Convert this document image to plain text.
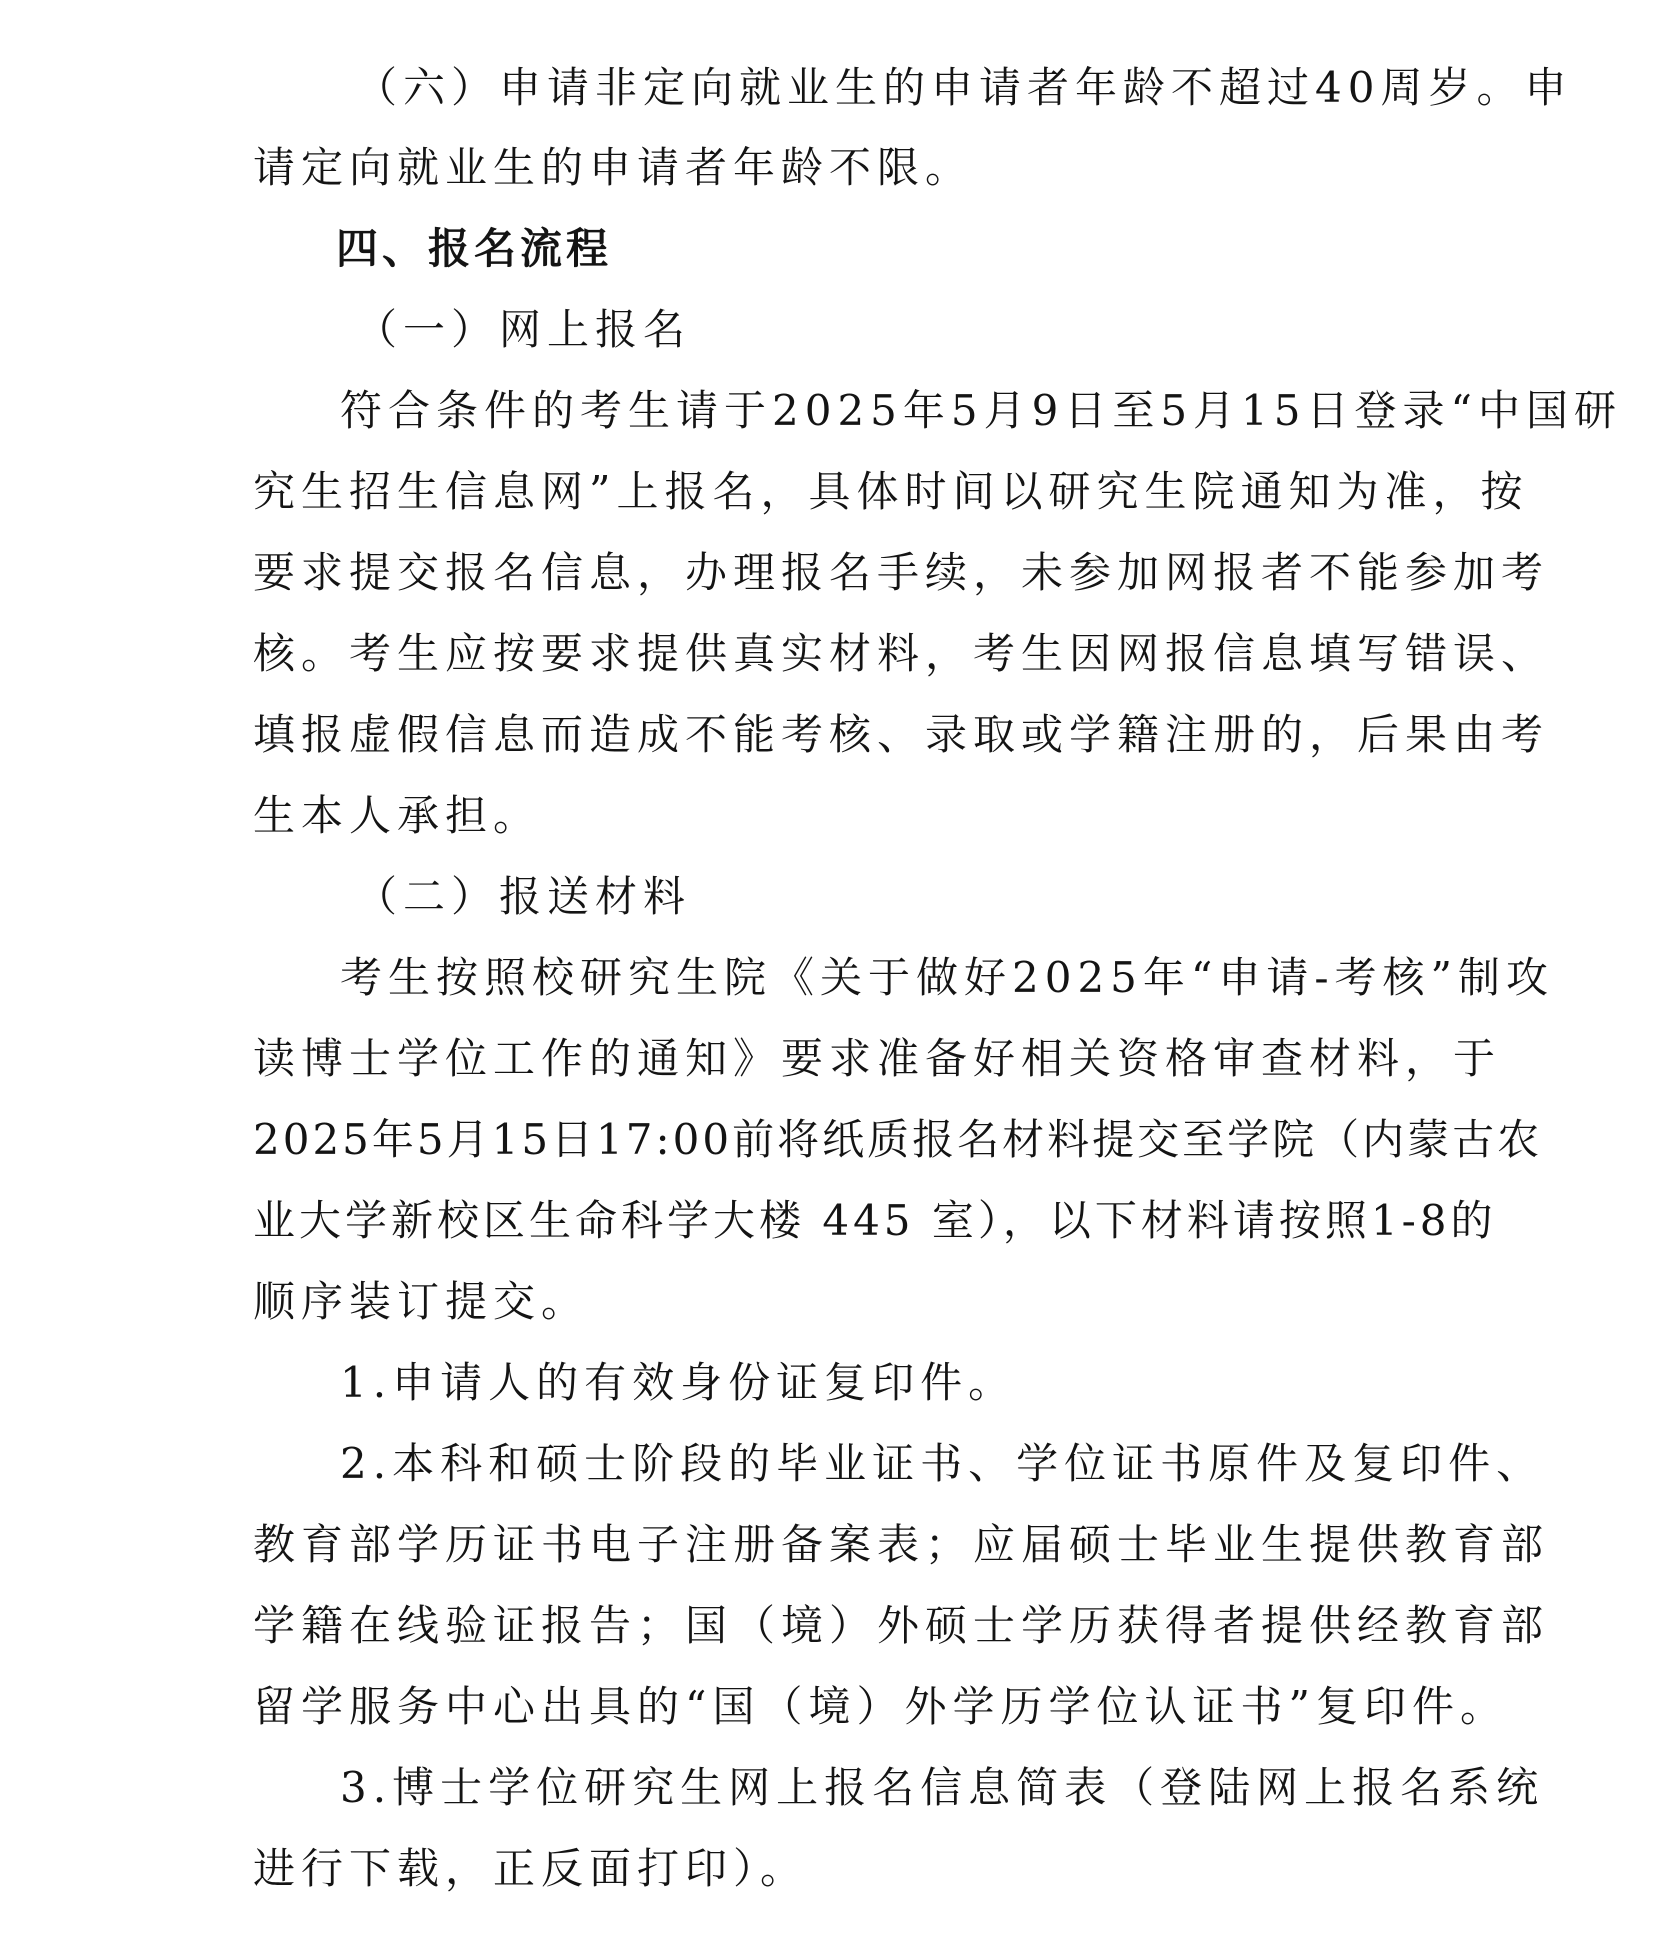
（六）申请非定向就业生的申请者年龄不超过40周岁。申
请定向就业生的申请者年龄不限。
四、报名流程
（一）网上报名
符合条件的考生请于2025年5月9日至5月15日登录“中国研
究生招生信息网”上报名，具体时间以研究生院通知为准，按
要求提交报名信息，办理报名手续，未参加网报者不能参加考
核。考生应按要求提供真实材料，考生因网报信息填写错误、
填报虚假信息而造成不能考核、录取或学籍注册的，后果由考
生本人承担。
（二）报送材料
考生按照校研究生院《关于做好2025年“申请-考核”制攻
读博士学位工作的通知》要求准备好相关资格审查材料，于
2025年5月15日17:00前将纸质报名材料提交至学院（内蒙古农
业大学新校区生命科学大楼 445 室），以下材料请按照1-8的
顺序装订提交。
1.申请人的有效身份证复印件。
2.本科和硕士阶段的毕业证书、学位证书原件及复印件、
教育部学历证书电子注册备案表；应届硕士毕业生提供教育部
学籍在线验证报告；国（境）外硕士学历获得者提供经教育部
留学服务中心出具的“国（境）外学历学位认证书”复印件。
3.博士学位研究生网上报名信息简表（登陆网上报名系统
进行下载，正反面打印）。
